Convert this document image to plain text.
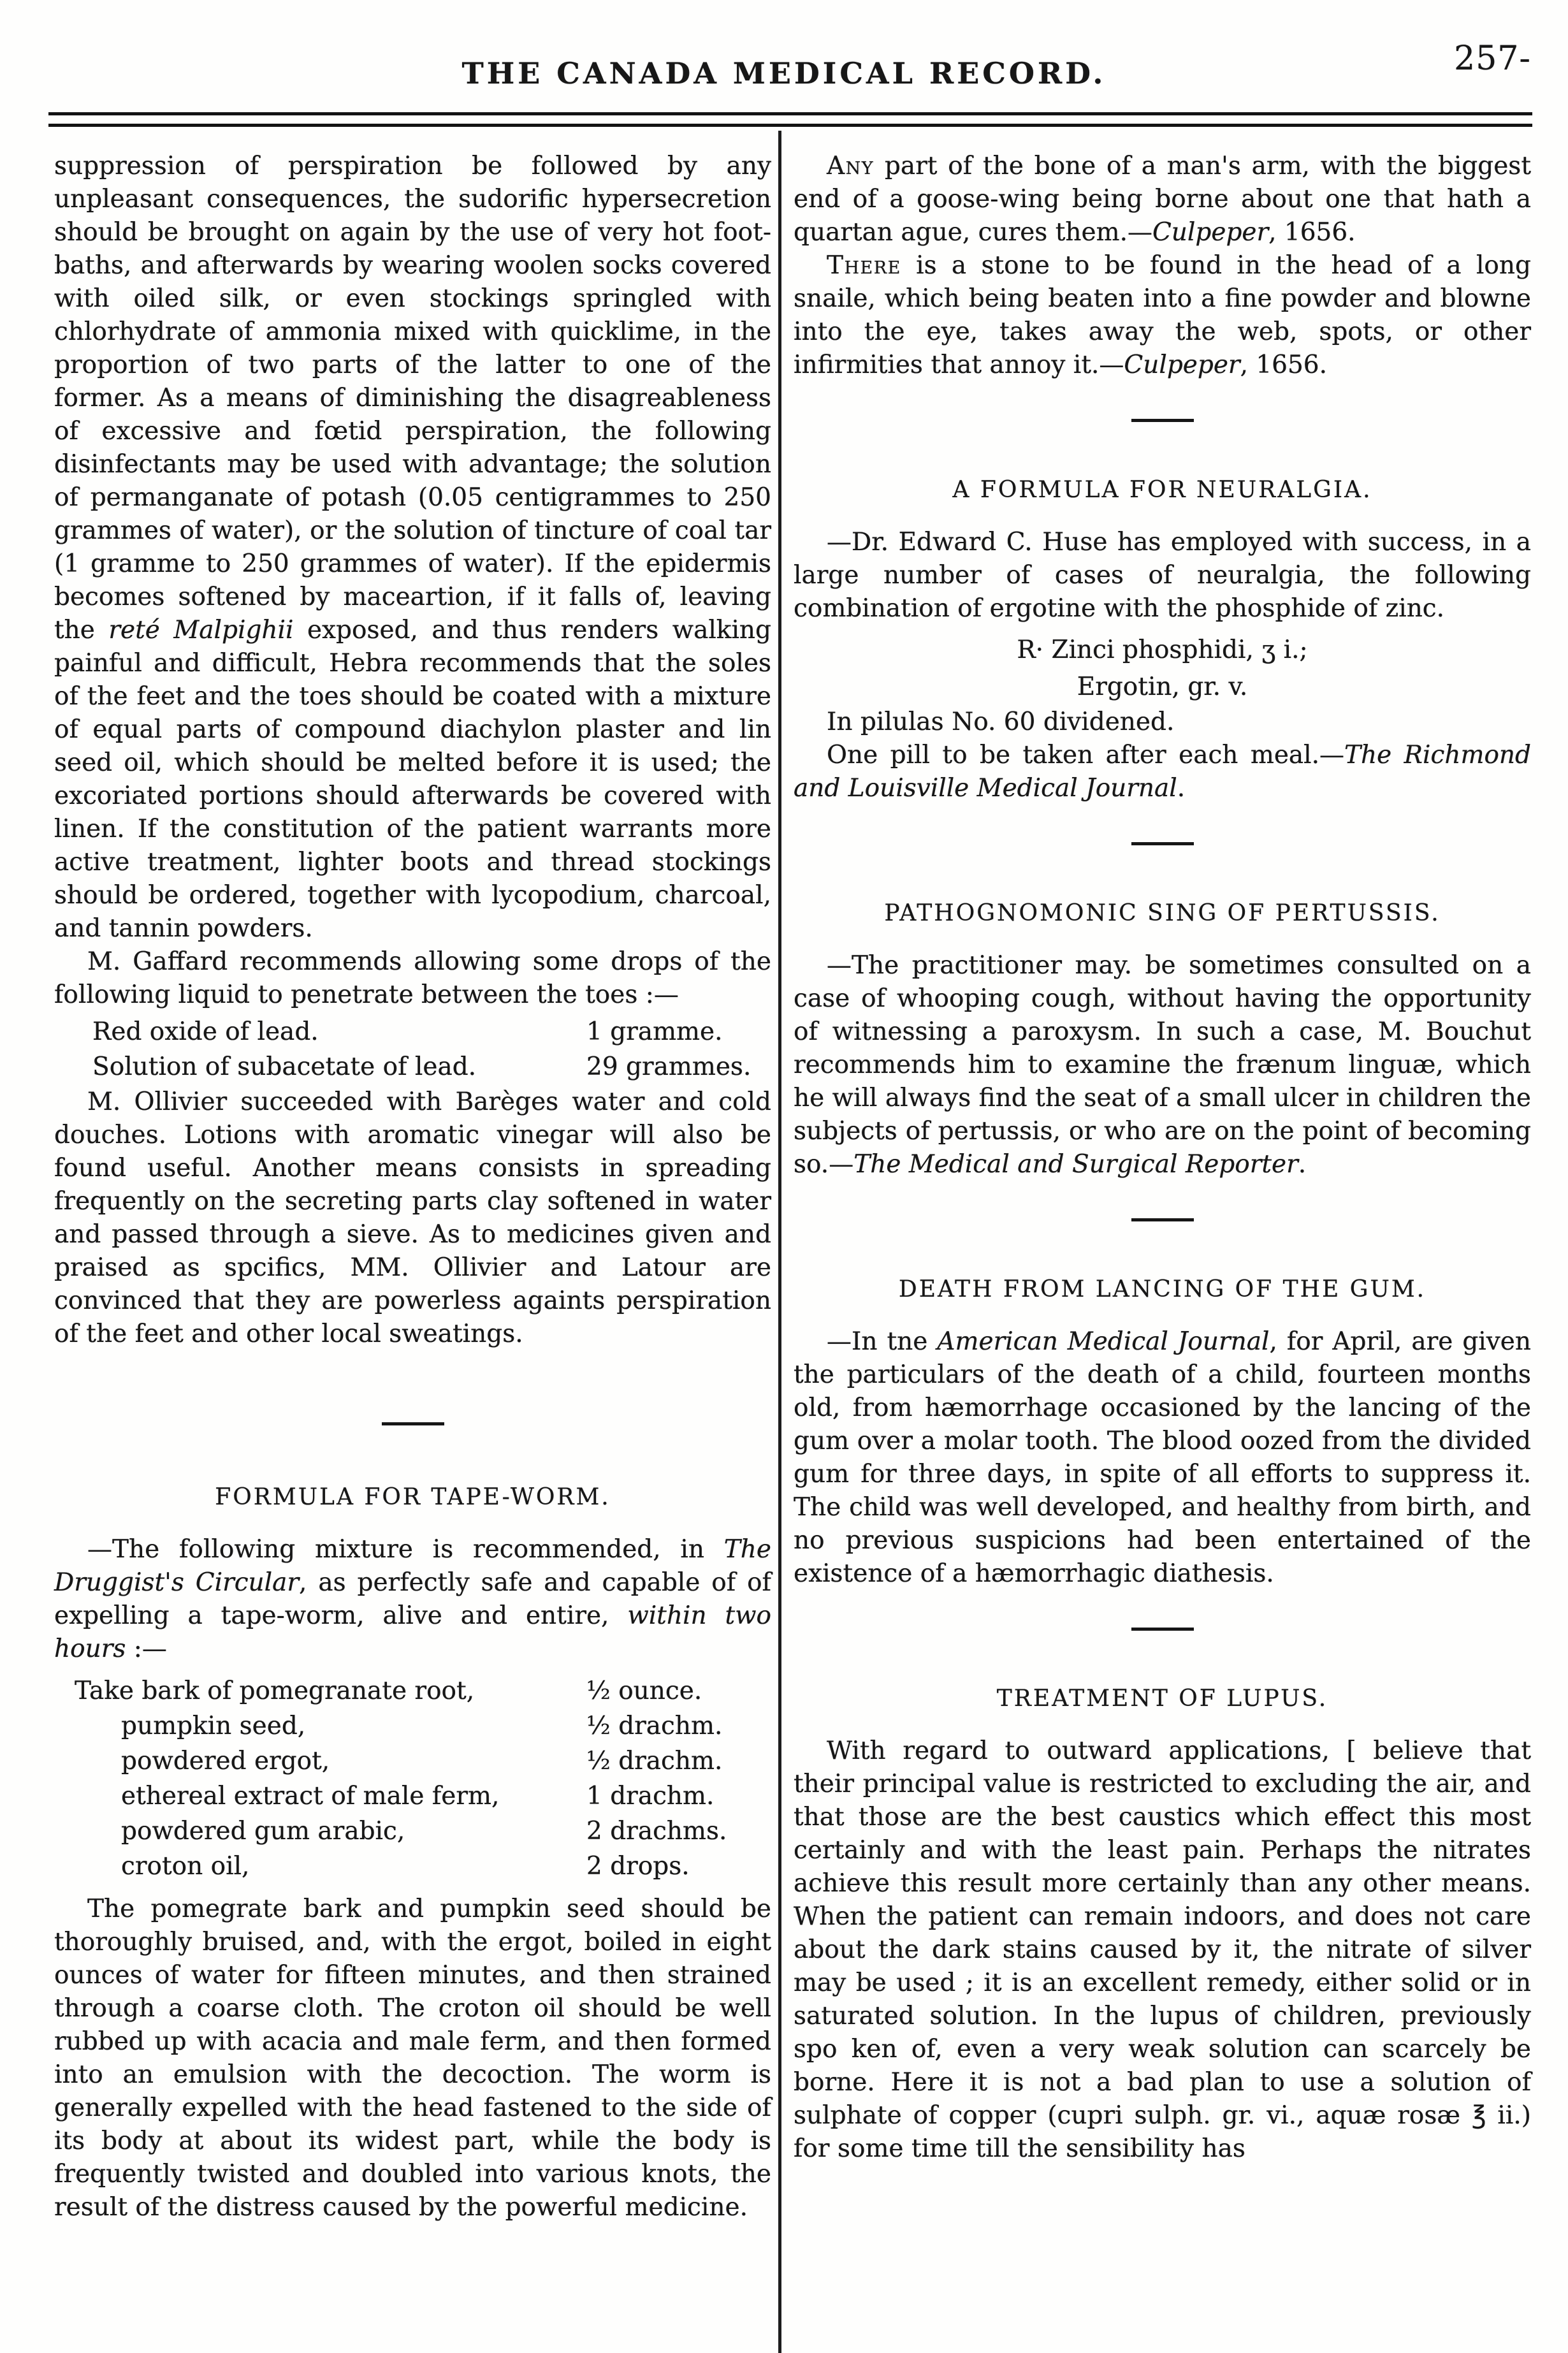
THE CANADA MEDICAL RECORD.	257-

suppression of perspiration be followed by any unpleasant consequences, the sudorific hypersecretion should be brought on again by the use of very hot foot-baths, and afterwards by wearing woolen socks covered with oiled silk, or even stockings springled with chlorhydrate of ammonia mixed with quicklime, in the proportion of two parts of the latter to one of the former. As a means of diminishing the disagreableness of excessive and fœtid perspiration, the following disinfectants may be used with advantage; the solution of permanganate of potash (0.05 centigrammes to 250 grammes of water), or the solution of tincture of coal tar (1 gramme to 250 grammes of water). If the epidermis becomes softened by maceartion, if it falls of, leaving the reté Malpighii exposed, and thus renders walking painful and difficult, Hebra recommends that the soles of the feet and the toes should be coated with a mixture of equal parts of compound diachylon plaster and lin seed oil, which should be melted before it is used; the excoriated portions should afterwards be covered with linen. If the constitution of the patient warrants more active treatment, lighter boots and thread stockings should be ordered, together with lycopodium, charcoal, and tannin powders.

M. Gaffard recommends allowing some drops of the following liquid to penetrate between the toes :—

Red oxide of lead.	1 gramme.
Solution of subacetate of lead.	29 grammes.

M. Ollivier succeeded with Barèges water and cold douches. Lotions with aromatic vinegar will also be found useful. Another means consists in spreading frequently on the secreting parts clay softened in water and passed through a sieve. As to medicines given and praised as spcifics, MM. Ollivier and Latour are convinced that they are powerless againts perspiration of the feet and other local sweatings.

FORMULA FOR TAPE-WORM.

—The following mixture is recommended, in The Druggist's Circular, as perfectly safe and capable of of expelling a tape-worm, alive and entire, within two hours :—

Take bark of pomegranate root,	½ ounce.
pumpkin seed,	½ drachm.
powdered ergot,	½ drachm.
ethereal extract of male ferm,	1 drachm.
powdered gum arabic,	2 drachms.
croton oil,	2 drops.

The pomegrate bark and pumpkin seed should be thoroughly bruised, and, with the ergot, boiled in eight ounces of water for fifteen minutes, and then strained through a coarse cloth. The croton oil should be well rubbed up with acacia and male ferm, and then formed into an emulsion with the decoction. The worm is generally expelled with the head fastened to the side of its body at about its widest part, while the body is frequently twisted and doubled into various knots, the result of the distress caused by the powerful medicine.

Any part of the bone of a man's arm, with the biggest end of a goose-wing being borne about one that hath a quartan ague, cures them.—Culpeper, 1656.

There is a stone to be found in the head of a long snaile, which being beaten into a fine powder and blowne into the eye, takes away the web, spots, or other infirmities that annoy it.—Culpeper, 1656.

A FORMULA FOR NEURALGIA.

—Dr. Edward C. Huse has employed with success, in a large number of cases of neuralgia, the following combination of ergotine with the phosphide of zinc.

R· Zinci phosphidi, ʒ i.;
Ergotin, gr. v.

In pilulas No. 60 dividened.

One pill to be taken after each meal.—The Richmond and Louisville Medical Journal.

PATHOGNOMONIC SING OF PERTUSSIS.

—The practitioner may. be sometimes consulted on a case of whooping cough, without having the opportunity of witnessing a paroxysm. In such a case, M. Bouchut recommends him to examine the frænum linguæ, which he will always find the seat of a small ulcer in children the subjects of pertussis, or who are on the point of becoming so.—The Medical and Surgical Reporter.

DEATH FROM LANCING OF THE GUM.

—In tne American Medical Journal, for April, are given the particulars of the death of a child, fourteen months old, from hæmorrhage occasioned by the lancing of the gum over a molar tooth. The blood oozed from the divided gum for three days, in spite of all efforts to suppress it. The child was well developed, and healthy from birth, and no previous suspicions had been entertained of the existence of a hæmorrhagic diathesis.

TREATMENT OF LUPUS.

With regard to outward applications, [ believe that their principal value is restricted to excluding the air, and that those are the best caustics which effect this most certainly and with the least pain. Perhaps the nitrates achieve this result more certainly than any other means. When the patient can remain indoors, and does not care about the dark stains caused by it, the nitrate of silver may be used ; it is an excellent remedy, either solid or in saturated solution. In the lupus of children, previously spo ken of, even a very weak solution can scarcely be borne. Here it is not a bad plan to use a solution of sulphate of copper (cupri sulph. gr. vi., aquæ rosæ ℥ ii.) for some time till the sensibility has
